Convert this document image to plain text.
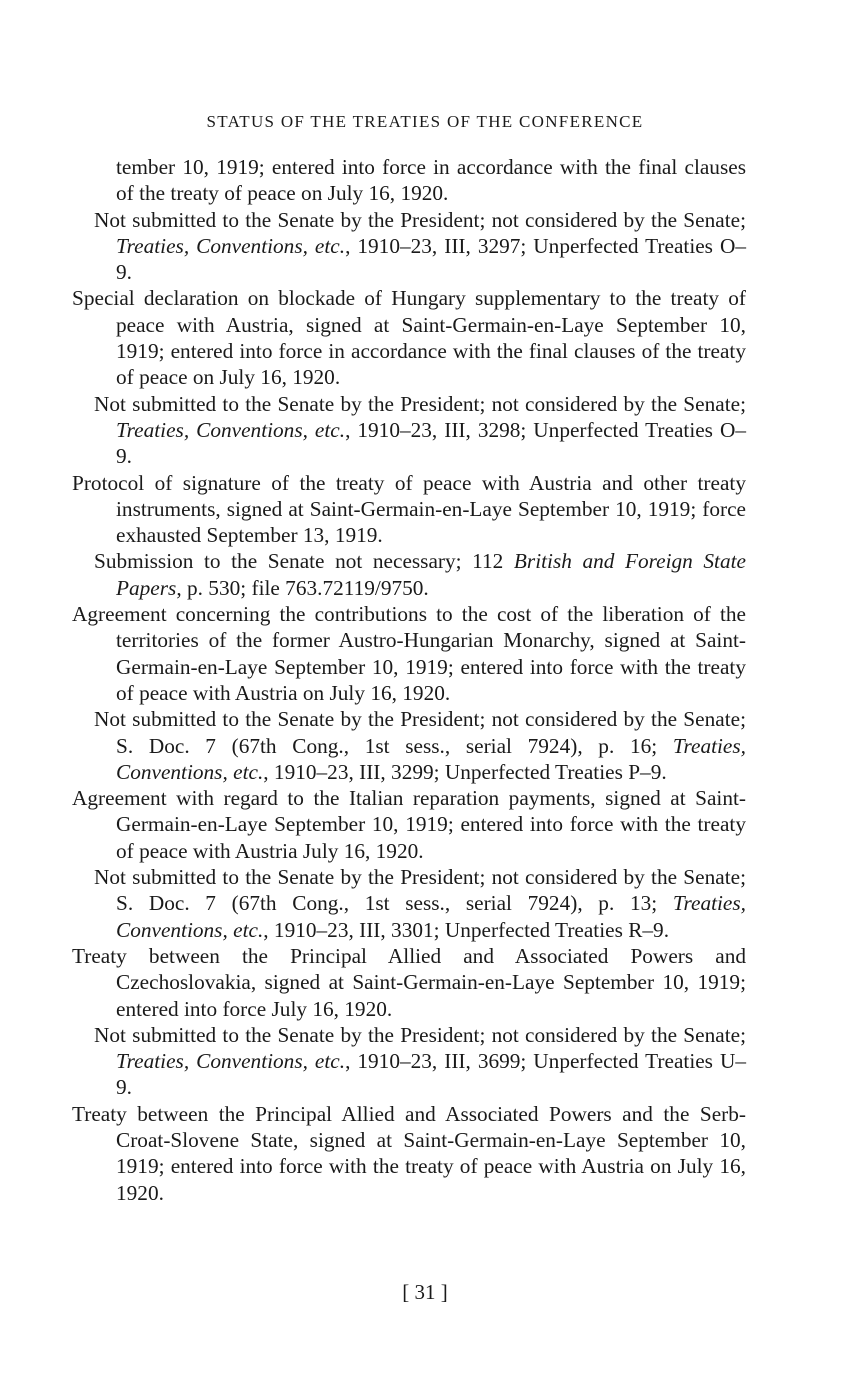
STATUS OF THE TREATIES OF THE CONFERENCE

tember 10, 1919; entered into force in accordance with the final clauses of the treaty of peace on July 16, 1920.

Not submitted to the Senate by the President; not considered by the Senate; Treaties, Conventions, etc., 1910–23, III, 3297; Unperfected Treaties O–9.

Special declaration on blockade of Hungary supplementary to the treaty of peace with Austria, signed at Saint-Germain-en-Laye September 10, 1919; entered into force in accordance with the final clauses of the treaty of peace on July 16, 1920.

Not submitted to the Senate by the President; not considered by the Senate; Treaties, Conventions, etc., 1910–23, III, 3298; Unperfected Treaties O–9.

Protocol of signature of the treaty of peace with Austria and other treaty instruments, signed at Saint-Germain-en-Laye September 10, 1919; force exhausted September 13, 1919.

Submission to the Senate not necessary; 112 British and Foreign State Papers, p. 530; file 763.72119/9750.

Agreement concerning the contributions to the cost of the liberation of the territories of the former Austro-Hungarian Monarchy, signed at Saint-Germain-en-Laye September 10, 1919; entered into force with the treaty of peace with Austria on July 16, 1920.

Not submitted to the Senate by the President; not considered by the Senate; S. Doc. 7 (67th Cong., 1st sess., serial 7924), p. 16; Treaties, Conventions, etc., 1910–23, III, 3299; Unperfected Treaties P–9.

Agreement with regard to the Italian reparation payments, signed at Saint-Germain-en-Laye September 10, 1919; entered into force with the treaty of peace with Austria July 16, 1920.

Not submitted to the Senate by the President; not considered by the Senate; S. Doc. 7 (67th Cong., 1st sess., serial 7924), p. 13; Treaties, Conventions, etc., 1910–23, III, 3301; Unperfected Treaties R–9.

Treaty between the Principal Allied and Associated Powers and Czechoslovakia, signed at Saint-Germain-en-Laye September 10, 1919; entered into force July 16, 1920.

Not submitted to the Senate by the President; not considered by the Senate; Treaties, Conventions, etc., 1910–23, III, 3699; Unperfected Treaties U–9.

Treaty between the Principal Allied and Associated Powers and the Serb-Croat-Slovene State, signed at Saint-Germain-en-Laye September 10, 1919; entered into force with the treaty of peace with Austria on July 16, 1920.

[ 31 ]
